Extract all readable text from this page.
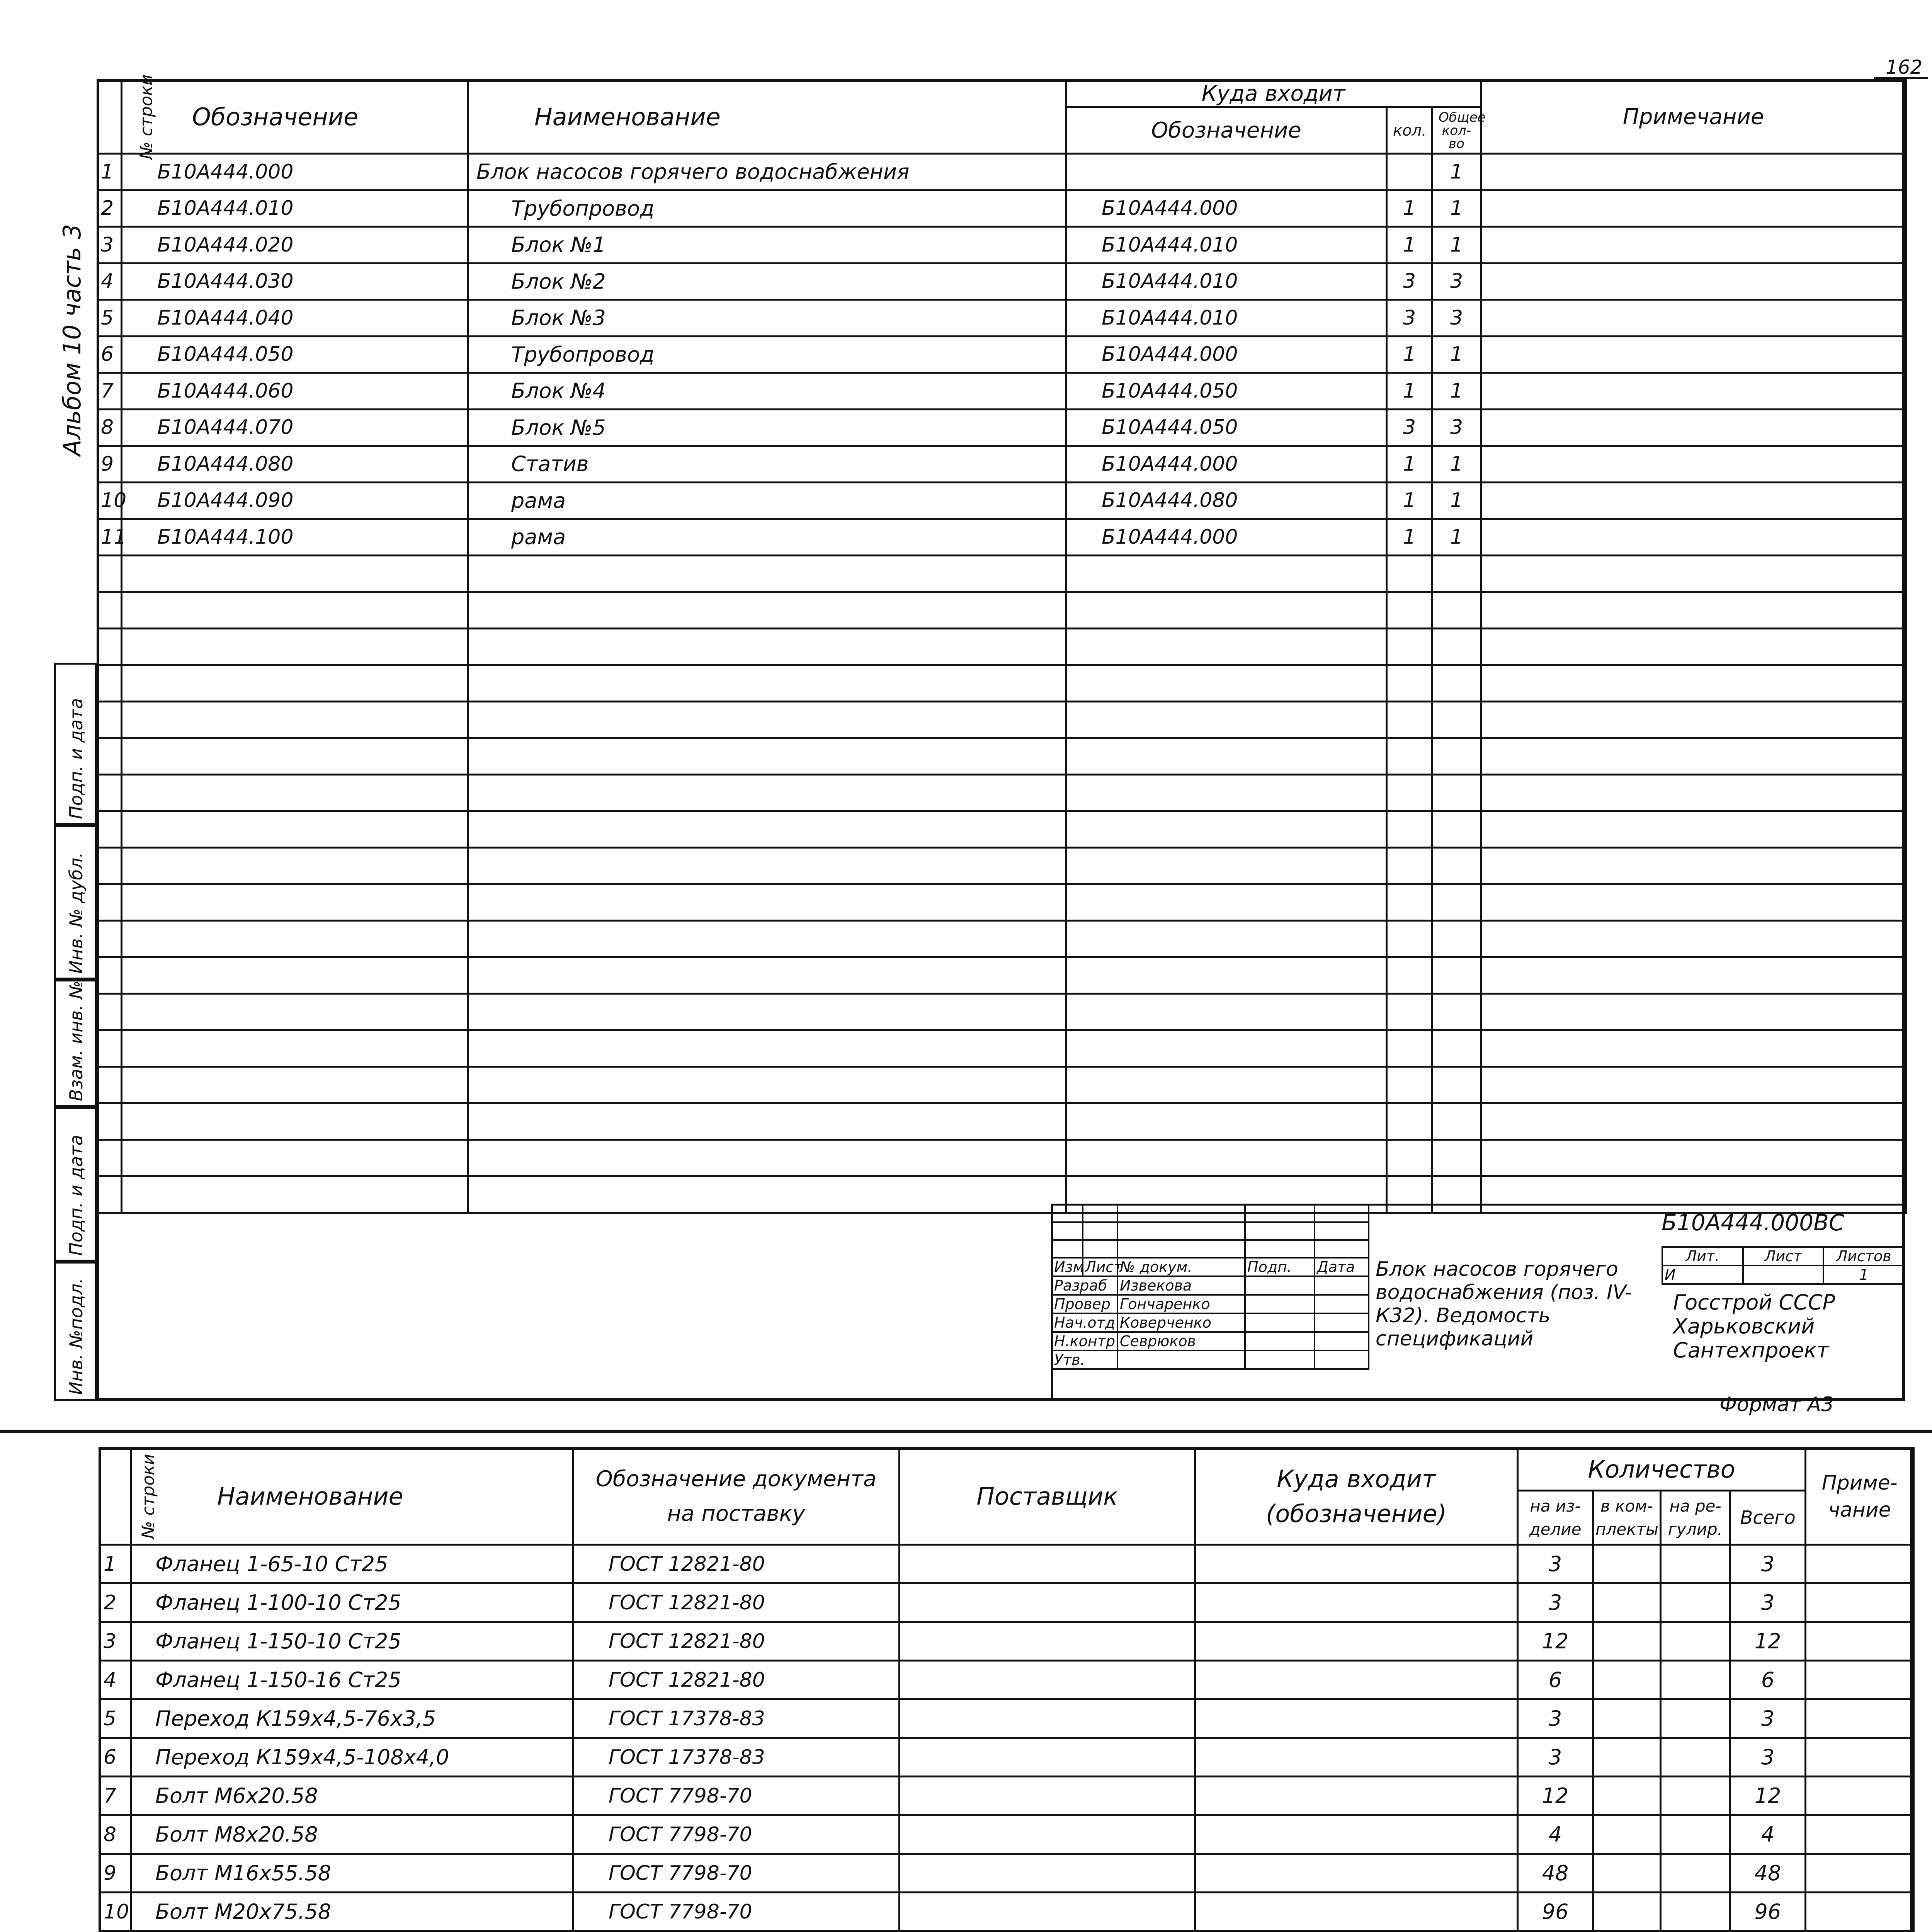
162
Альбом 10 часть 3
Инв. №подл.
Подп. и дата
Взам. инв. №
Инв. № дубл.
Подп. и дата
№ строки	Обозначение	Наименование	Куда входит			Примечание
			Обозначение	кол.	Общее кол-во	
1	Б10А444.000	Блок насосов горячего водоснабжения			1	
2	Б10А444.010	Трубопровод	Б10А444.000	1	1	
3	Б10А444.020	Блок №1	Б10А444.010	1	1	
4	Б10А444.030	Блок №2	Б10А444.010	3	3	
5	Б10А444.040	Блок №3	Б10А444.010	3	3	
6	Б10А444.050	Трубопровод	Б10А444.000	1	1	
7	Б10А444.060	Блок №4	Б10А444.050	1	1	
8	Б10А444.070	Блок №5	Б10А444.050	3	3	
9	Б10А444.080	Статив	Б10А444.000	1	1	
10	Б10А444.090	рама	Б10А444.080	1	1	
11	Б10А444.100	рама	Б10А444.000	1	1	

Б10А444.000ВС

Изм	Лист	№ докум.	Подп.	Дата
Разраб		Извекова		
Провер		Гончаренко		
Нач.отд		Коверченко		
Н.контр		Севрюков		
Утв.				
Блок насосов горячего водоснабжения (поз. IV-К32). Ведомость спецификаций
Лит.	Лист	Листов
И		1
Госстрой СССР Харьковский Сантехпроект
Формат А3
№ строки	Наименование	Обозначение документа на поставку	Поставщик	Куда входит (обозначение)	Количество				Приме-чание
					на из-делие	в ком-плекты	на ре-гулир.	Всего	
1	Фланец 1-65-10 Ст25	ГОСТ 12821-80			3			3	
2	Фланец 1-100-10 Ст25	ГОСТ 12821-80			3			3	
3	Фланец 1-150-10 Ст25	ГОСТ 12821-80			12			12	
4	Фланец 1-150-16 Ст25	ГОСТ 12821-80			6			6	
5	Переход К159х4,5-76х3,5	ГОСТ 17378-83			3			3	
6	Переход К159х4,5-108х4,0	ГОСТ 17378-83			3			3	
7	Болт М6х20.58	ГОСТ 7798-70			12			12	
8	Болт М8х20.58	ГОСТ 7798-70			4			4	
9	Болт М16х55.58	ГОСТ 7798-70			48			48	
10	Болт М20х75.58	ГОСТ 7798-70			96			96	
